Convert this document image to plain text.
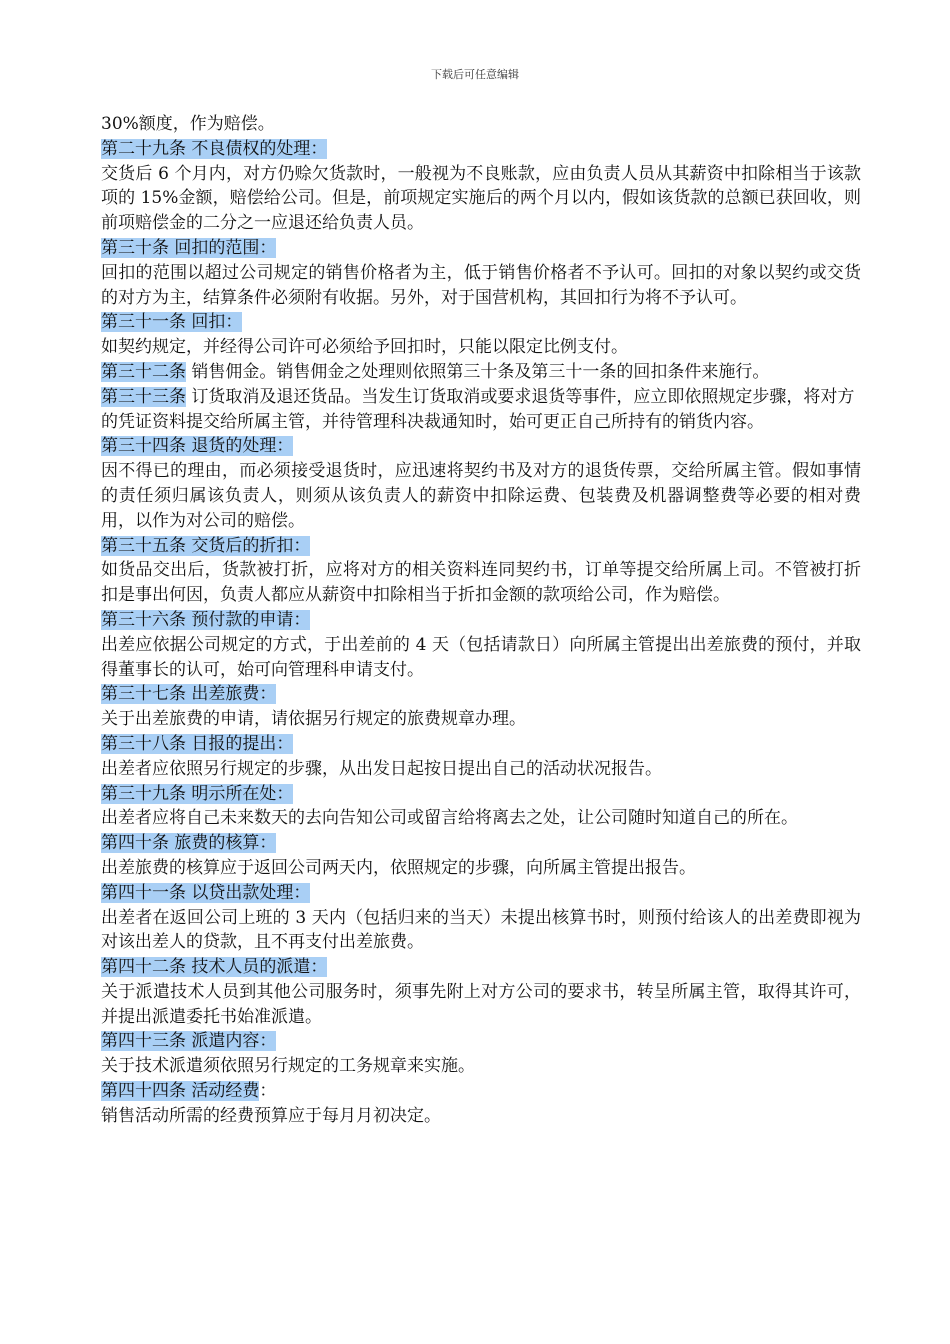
下载后可任意编辑

30%额度，作为赔偿。

第二十九条 不良债权的处理：

交货后 6 个月内，对方仍赊欠货款时，一般视为不良账款，应由负责人员从其薪资中扣除相当于该款项的 15%金额，赔偿给公司。但是，前项规定实施后的两个月以内，假如该货款的总额已获回收，则前项赔偿金的二分之一应退还给负责人员。

第三十条 回扣的范围：

回扣的范围以超过公司规定的销售价格者为主，低于销售价格者不予认可。回扣的对象以契约或交货的对方为主，结算条件必须附有收据。另外，对于国营机构，其回扣行为将不予认可。

第三十一条 回扣：

如契约规定，并经得公司许可必须给予回扣时，只能以限定比例支付。

第三十二条 销售佣金。销售佣金之处理则依照第三十条及第三十一条的回扣条件来施行。

第三十三条 订货取消及退还货品。当发生订货取消或要求退货等事件，应立即依照规定步骤，将对方的凭证资料提交给所属主管，并待管理科决裁通知时，始可更正自己所持有的销货内容。

第三十四条 退货的处理：

因不得已的理由，而必须接受退货时，应迅速将契约书及对方的退货传票，交给所属主管。假如事情的责任须归属该负责人，则须从该负责人的薪资中扣除运费、包装费及机器调整费等必要的相对费用，以作为对公司的赔偿。

第三十五条 交货后的折扣：

如货品交出后，货款被打折，应将对方的相关资料连同契约书，订单等提交给所属上司。不管被打折扣是事出何因，负责人都应从薪资中扣除相当于折扣金额的款项给公司，作为赔偿。

第三十六条 预付款的申请：

出差应依据公司规定的方式，于出差前的 4 天（包括请款日）向所属主管提出出差旅费的预付，并取得董事长的认可，始可向管理科申请支付。

第三十七条 出差旅费：

关于出差旅费的申请，请依据另行规定的旅费规章办理。

第三十八条 日报的提出：

出差者应依照另行规定的步骤，从出发日起按日提出自己的活动状况报告。

第三十九条 明示所在处：

出差者应将自己未来数天的去向告知公司或留言给将离去之处，让公司随时知道自己的所在。

第四十条 旅费的核算：

出差旅费的核算应于返回公司两天内，依照规定的步骤，向所属主管提出报告。

第四十一条 以贷出款处理：

出差者在返回公司上班的 3 天内（包括归来的当天）未提出核算书时，则预付给该人的出差费即视为对该出差人的贷款，且不再支付出差旅费。

第四十二条 技术人员的派遣：

关于派遣技术人员到其他公司服务时，须事先附上对方公司的要求书，转呈所属主管，取得其许可，并提出派遣委托书始准派遣。

第四十三条 派遣内容：

关于技术派遣须依照另行规定的工务规章来实施。

第四十四条 活动经费：

销售活动所需的经费预算应于每月月初决定。
